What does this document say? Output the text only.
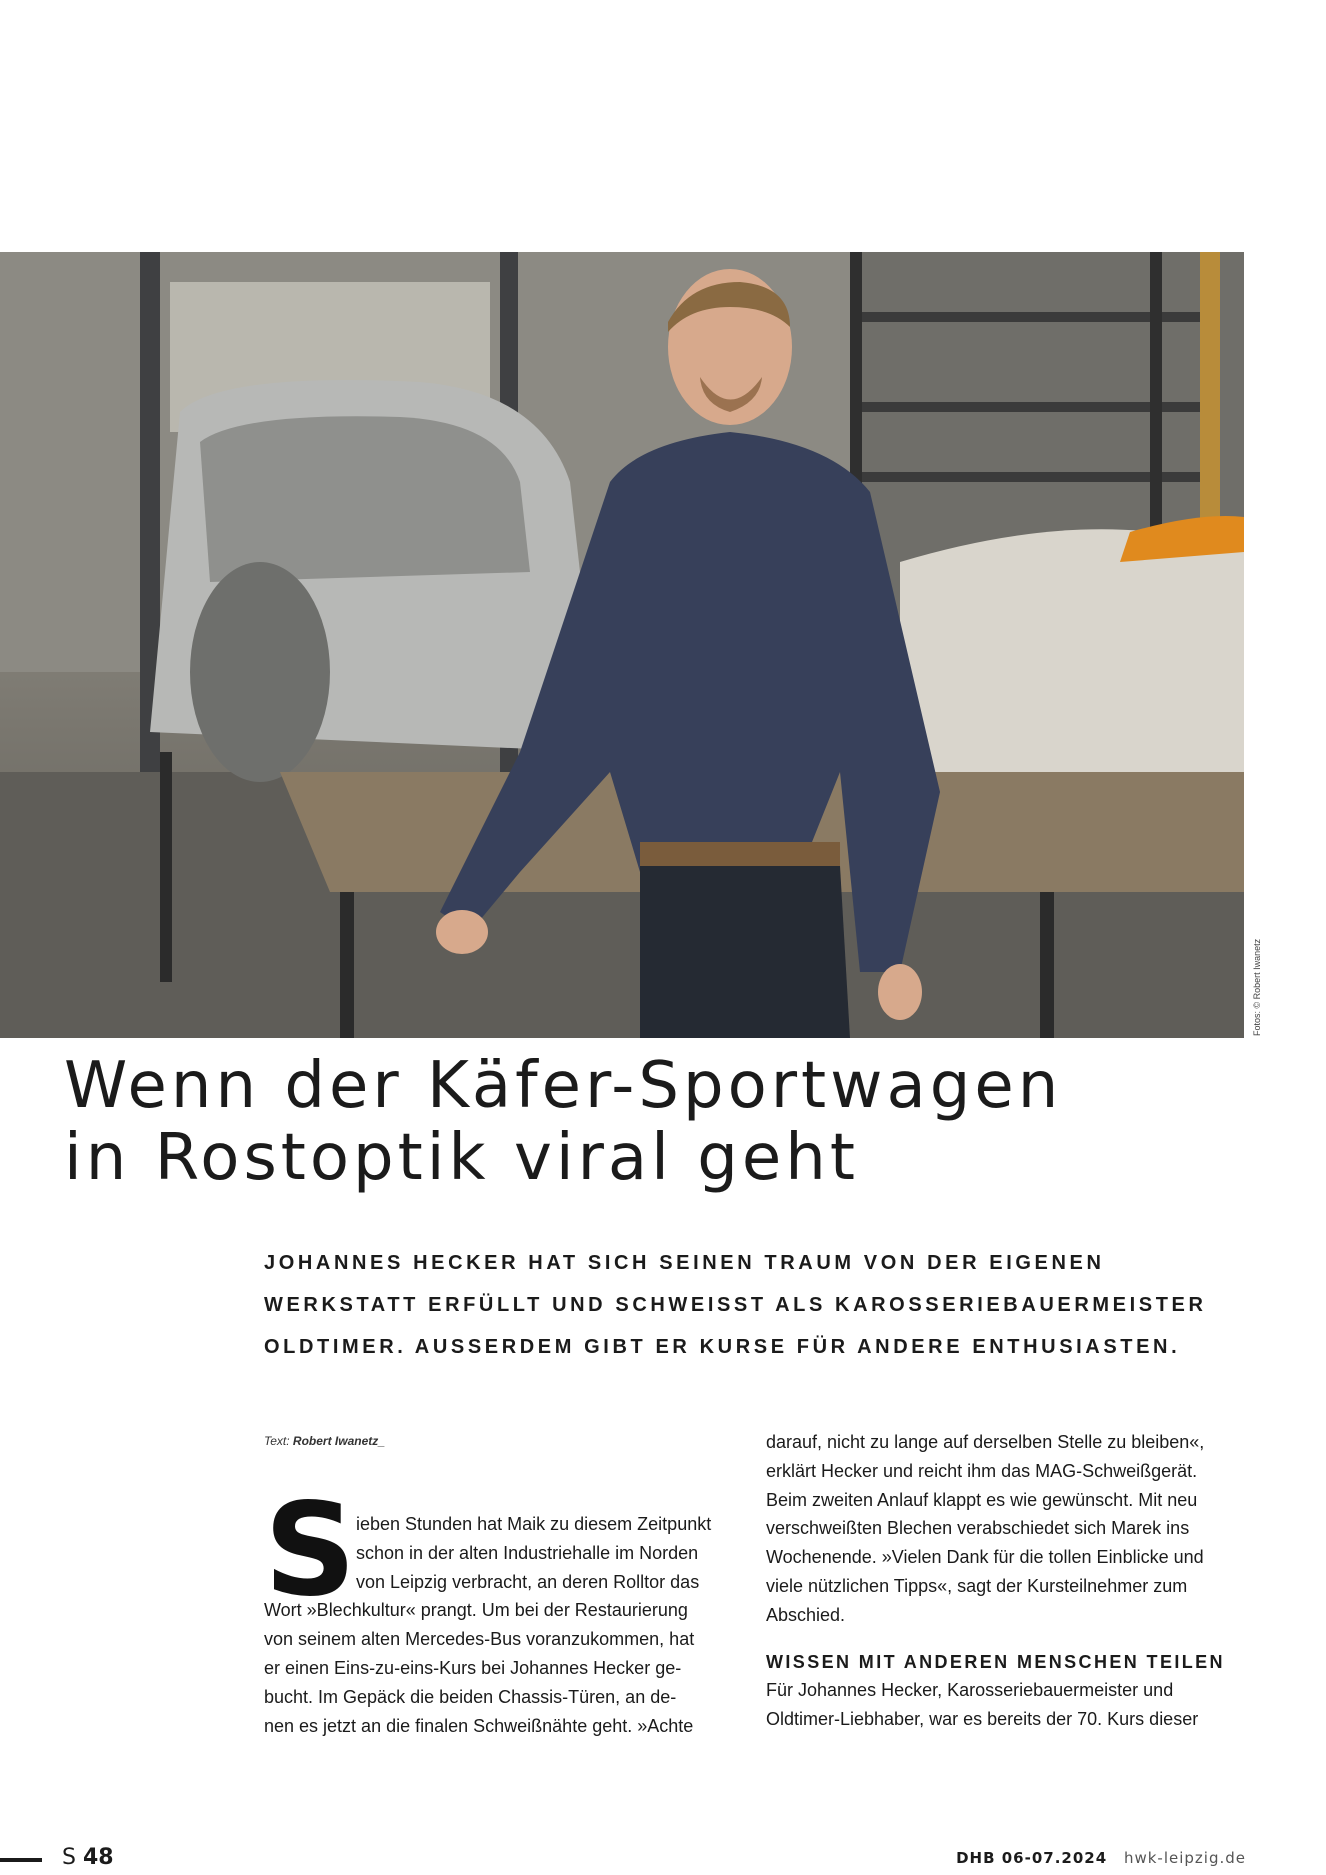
Fotos: © Robert Iwanetz
Wenn der Käfer-Sportwagen
in Rostoptik viral geht

JOHANNES HECKER HAT SICH SEINEN TRAUM VON DER EIGENEN
WERKSTATT ERFÜLLT UND SCHWEISST ALS KAROSSERIEBAUERMEISTER
OLDTIMER. AUSSERDEM GIBT ER KURSE FÜR ANDERE ENTHUSIASTEN.

Text: Robert Iwanetz_

S ieben Stunden hat Maik zu diesem Zeitpunkt
schon in der alten Industriehalle im Norden
von Leipzig verbracht, an deren Rolltor das
Wort »Blechkultur« prangt. Um bei der Restaurierung
von seinem alten Mercedes-Bus voranzukommen, hat
er einen Eins-zu-eins-Kurs bei Johannes Hecker ge-
bucht. Im Gepäck die beiden Chassis-Türen, an de-
nen es jetzt an die finalen Schweißnähte geht. »Achte
darauf, nicht zu lange auf derselben Stelle zu bleiben«,
erklärt Hecker und reicht ihm das MAG-Schweißgerät.
Beim zweiten Anlauf klappt es wie gewünscht. Mit neu
verschweißten Blechen verabschiedet sich Marek ins
Wochenende. »Vielen Dank für die tollen Einblicke und
viele nützlichen Tipps«, sagt der Kursteilnehmer zum
Abschied.
WISSEN MIT ANDEREN MENSCHEN TEILEN
Für Johannes Hecker, Karosseriebauermeister und
Oldtimer-Liebhaber, war es bereits der 70. Kurs dieser
S 48	DHB 06-07.2024 hwk-leipzig.de
